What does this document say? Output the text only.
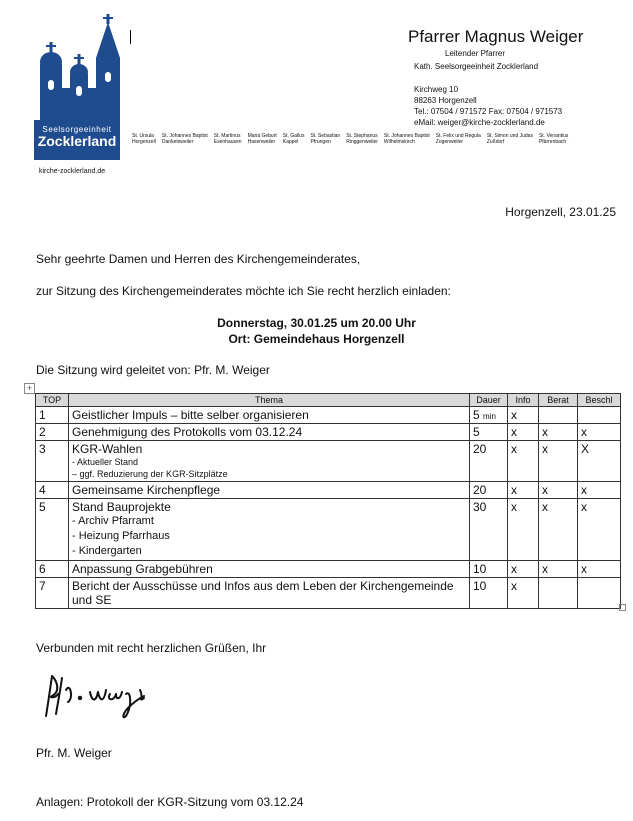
Seelsorgeeinheit
Zocklerland
kirche-zocklerland.de
Pfarrer Magnus Weiger
Leitender Pfarrer
Kath. Seelsorgeeinheit Zocklerland
Kirchweg 10
88263 Horgenzell
Tel.: 07504 / 971572 Fax: 07504 / 971573
eMail: weiger@kirche-zocklerland.de
St. Ursula
Horgenzell
St. Johannes Baptist
Danketsweiler
St. Martinus
Esenhausen
Mariä Geburt
Hasenweiler
St. Gallus
Kappel
St. Sebastian
Pfrungen
St. Stephanus
Ringgenweiler
St. Johannes Baptist
Wilhelmskirch
St. Felix und Regula
Zogenweiler
St. Simon und Judas
Zußdorf
St. Venantius
Pfärrenbach
Horgenzell, 23.01.25
Sehr geehrte Damen und Herren des Kirchengemeinderates,
zur Sitzung des Kirchengemeinderates möchte ich Sie recht herzlich einladen:
Donnerstag, 30.01.25 um 20.00 Uhr
Ort: Gemeindehaus Horgenzell
Die Sitzung wird geleitet von: Pfr. M. Weiger
+
TOP	Thema	Dauer	Info	Berat	Beschl
1	Geistlicher Impuls – bitte selber organisieren	5 min	x		
2	Genehmigung des Protokolls vom 03.12.24	5	x	x	x
3	KGR-Wahlen
- Aktueller Stand
– ggf. Reduzierung der KGR-Sitzplätze	20	x	x	X
4	Gemeinsame Kirchenpflege	20	x	x	x
5	Stand Bauprojekte
- Archiv Pfarramt
- Heizung Pfarrhaus
- Kindergarten	30	x	x	x
6	Anpassung Grabgebühren	10	x	x	x
7	Bericht der Ausschüsse und Infos aus dem Leben der Kirchengemeinde und SE	10	x		
Verbunden mit recht herzlichen Grüßen, Ihr
Pfr. M. Weiger
Anlagen: Protokoll der KGR-Sitzung vom 03.12.24
